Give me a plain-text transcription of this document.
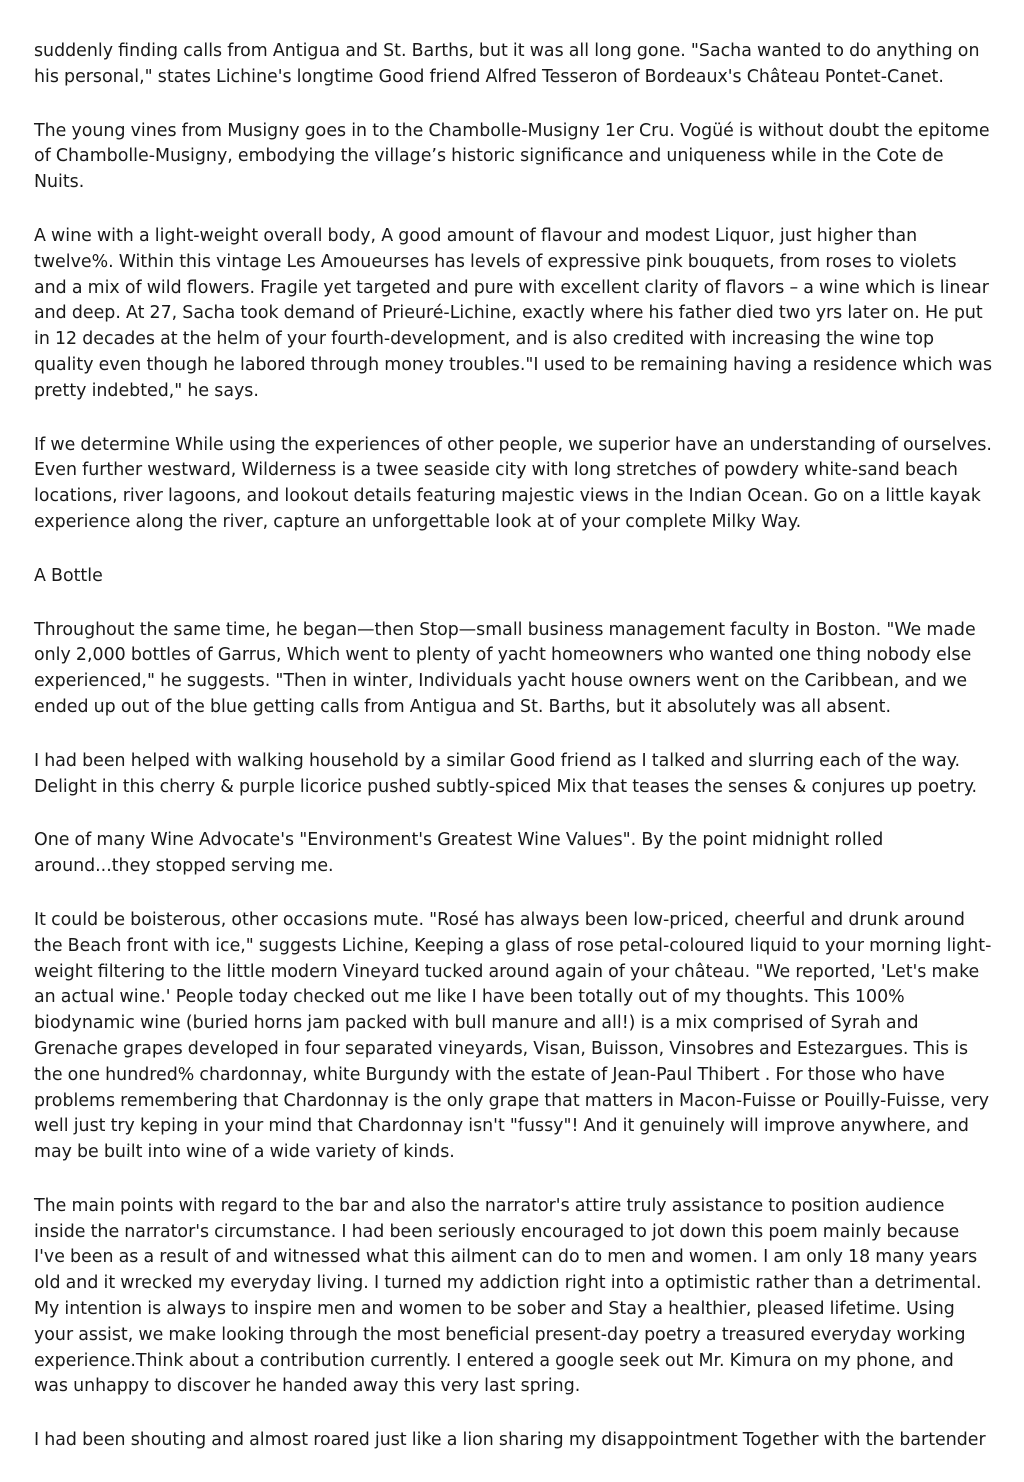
suddenly finding calls from Antigua and St. Barths, but it was all long gone. "Sacha wanted to do anything on his personal," states Lichine's longtime Good friend Alfred Tesseron of Bordeaux's Château Pontet-Canet.

The young vines from Musigny goes in to the Chambolle-Musigny 1er Cru. Vogüé is without doubt the epitome of Chambolle-Musigny, embodying the village’s historic significance and uniqueness while in the Cote de Nuits.

A wine with a light-weight overall body, A good amount of flavour and modest Liquor, just higher than twelve%. Within this vintage Les Amoueurses has levels of expressive pink bouquets, from roses to violets and a mix of wild flowers. Fragile yet targeted and pure with excellent clarity of flavors – a wine which is linear and deep. At 27, Sacha took demand of Prieuré-Lichine, exactly where his father died two yrs later on. He put in 12 decades at the helm of your fourth-development, and is also credited with increasing the wine top quality even though he labored through money troubles."I used to be remaining having a residence which was pretty indebted," he says.

If we determine While using the experiences of other people, we superior have an understanding of ourselves. Even further westward, Wilderness is a twee seaside city with long stretches of powdery white-sand beach locations, river lagoons, and lookout details featuring majestic views in the Indian Ocean. Go on a little kayak experience along the river, capture an unforgettable look at of your complete Milky Way.

A Bottle

Throughout the same time, he began—then Stop—small business management faculty in Boston. "We made only 2,000 bottles of Garrus, Which went to plenty of yacht homeowners who wanted one thing nobody else experienced," he suggests. "Then in winter, Individuals yacht house owners went on the Caribbean, and we ended up out of the blue getting calls from Antigua and St. Barths, but it absolutely was all absent.

I had been helped with walking household by a similar Good friend as I talked and slurring each of the way. Delight in this cherry & purple licorice pushed subtly-spiced Mix that teases the senses & conjures up poetry.

One of many Wine Advocate's "Environment's Greatest Wine Values". By the point midnight rolled around...they stopped serving me.

It could be boisterous, other occasions mute. "Rosé has always been low-priced, cheerful and drunk around the Beach front with ice," suggests Lichine, Keeping a glass of rose petal-coloured liquid to your morning light-weight filtering to the little modern Vineyard tucked around again of your château. "We reported, 'Let's make an actual wine.' People today checked out me like I have been totally out of my thoughts. This 100% biodynamic wine (buried horns jam packed with bull manure and all!) is a mix comprised of Syrah and Grenache grapes developed in four separated vineyards, Visan, Buisson, Vinsobres and Estezargues. This is the one hundred% chardonnay, white Burgundy with the estate of Jean-Paul Thibert . For those who have problems remembering that Chardonnay is the only grape that matters in Macon-Fuisse or Pouilly-Fuisse, very well just try keping in your mind that Chardonnay isn't "fussy"! And it genuinely will improve anywhere, and may be built into wine of a wide variety of kinds.

The main points with regard to the bar and also the narrator's attire truly assistance to position audience inside the narrator's circumstance. I had been seriously encouraged to jot down this poem mainly because I've been as a result of and witnessed what this ailment can do to men and women. I am only 18 many years old and it wrecked my everyday living. I turned my addiction right into a optimistic rather than a detrimental. My intention is always to inspire men and women to be sober and Stay a healthier, pleased lifetime. Using your assist, we make looking through the most beneficial present-day poetry a treasured everyday working experience.Think about a contribution currently. I entered a google seek out Mr. Kimura on my phone, and was unhappy to discover he handed away this very last spring.

I had been shouting and almost roared just like a lion sharing my disappointment Together with the bartender
